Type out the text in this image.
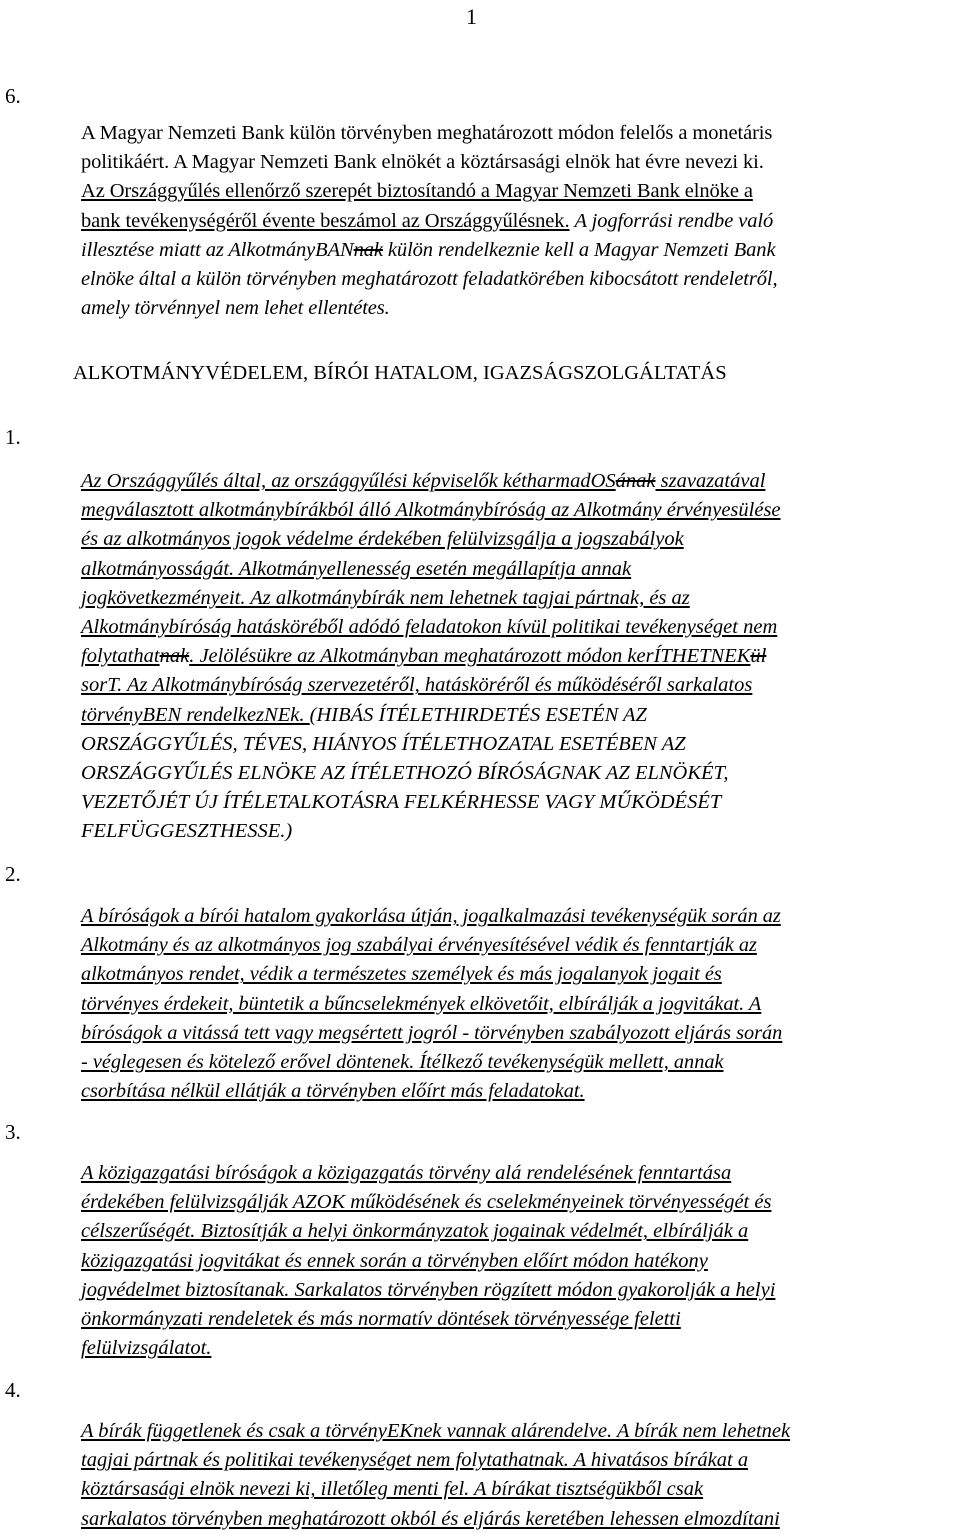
1
6.

A Magyar Nemzeti Bank külön törvényben meghatározott módon felelős a monetáris
politikáért. A Magyar Nemzeti Bank elnökét a köztársasági elnök hat évre nevezi ki.
Az Országgyűlés ellenőrző szerepét biztosítandó a Magyar Nemzeti Bank elnöke a
bank tevékenységéről évente beszámol az Országgyűlésnek. A jogforrási rendbe való
illesztése miatt az AlkotmányBANnak külön rendelkeznie kell a Magyar Nemzeti Bank
elnöke által a külön törvényben meghatározott feladatkörében kibocsátott rendeletről,
amely törvénnyel nem lehet ellentétes.

ALKOTMÁNYVÉDELEM, BÍRÓI HATALOM, IGAZSÁGSZOLGÁLTATÁS
1.

Az Országgyűlés által, az országgyűlési képviselők kétharmadOSának szavazatával
megválasztott alkotmánybírákból álló Alkotmánybíróság az Alkotmány érvényesülése
és az alkotmányos jogok védelme érdekében felülvizsgálja a jogszabályok
alkotmányosságát. Alkotmányellenesség esetén megállapítja annak
jogkövetkezményeit. Az alkotmánybírák nem lehetnek tagjai pártnak, és az
Alkotmánybíróság hatásköréből adódó feladatokon kívül politikai tevékenységet nem
folytathatnak. Jelölésükre az Alkotmányban meghatározott módon kerÍTHETNEKül
sorT. Az Alkotmánybíróság szervezetéről, hatásköréről és működéséről sarkalatos
törvényBEN rendelkezNEk. (HIBÁS ÍTÉLETHIRDETÉS ESETÉN AZ
ORSZÁGGYŰLÉS, TÉVES, HIÁNYOS ÍTÉLETHOZATAL ESETÉBEN AZ
ORSZÁGGYŰLÉS ELNÖKE AZ ÍTÉLETHOZÓ BÍRÓSÁGNAK AZ ELNÖKÉT,
VEZETŐJÉT ÚJ ÍTÉLETALKOTÁSRA FELKÉRHESSE VAGY MŰKÖDÉSÉT
FELFÜGGESZTHESSE.)

2.

A bíróságok a bírói hatalom gyakorlása útján, jogalkalmazási tevékenységük során az
Alkotmány és az alkotmányos jog szabályai érvényesítésével védik és fenntartják az
alkotmányos rendet, védik a természetes személyek és más jogalanyok jogait és
törvényes érdekeit, büntetik a bűncselekmények elkövetőit, elbírálják a jogvitákat. A
bíróságok a vitássá tett vagy megsértett jogról - törvényben szabályozott eljárás során
- véglegesen és kötelező erővel döntenek. Ítélkező tevékenységük mellett, annak
csorbítása nélkül ellátják a törvényben előírt más feladatokat.

3.

A közigazgatási bíróságok a közigazgatás törvény alá rendelésének fenntartása
érdekében felülvizsgálják AZOK működésének és cselekményeinek törvényességét és
célszerűségét. Biztosítják a helyi önkormányzatok jogainak védelmét, elbírálják a
közigazgatási jogvitákat és ennek során a törvényben előírt módon hatékony
jogvédelmet biztosítanak. Sarkalatos törvényben rögzített módon gyakorolják a helyi
önkormányzati rendeletek és más normatív döntések törvényessége feletti
felülvizsgálatot.

4.

A bírák függetlenek és csak a törvényEKnek vannak alárendelve. A bírák nem lehetnek
tagjai pártnak és politikai tevékenységet nem folytathatnak. A hivatásos bírákat a
köztársasági elnök nevezi ki, illetőleg menti fel. A bírákat tisztségükből csak
sarkalatos törvényben meghatározott okból és eljárás keretében lehessen elmozdítani
